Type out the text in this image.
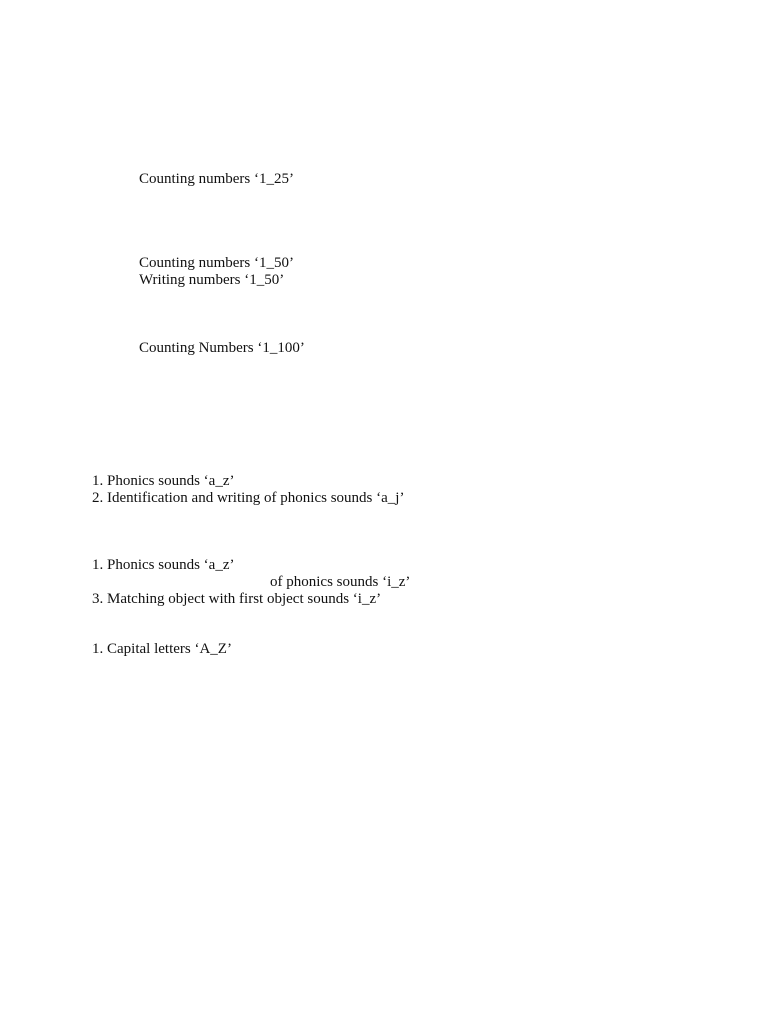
Counting numbers ‘1_25’
Counting numbers ‘1_50’
Writing numbers ‘1_50’
Counting Numbers ‘1_100’
1. Phonics sounds ‘a_z’
2. Identification and writing of phonics sounds ‘a_j’
1. Phonics sounds ‘a_z’
of phonics sounds ‘i_z’
3. Matching object with first object sounds ‘i_z’
1. Capital letters ‘A_Z’
